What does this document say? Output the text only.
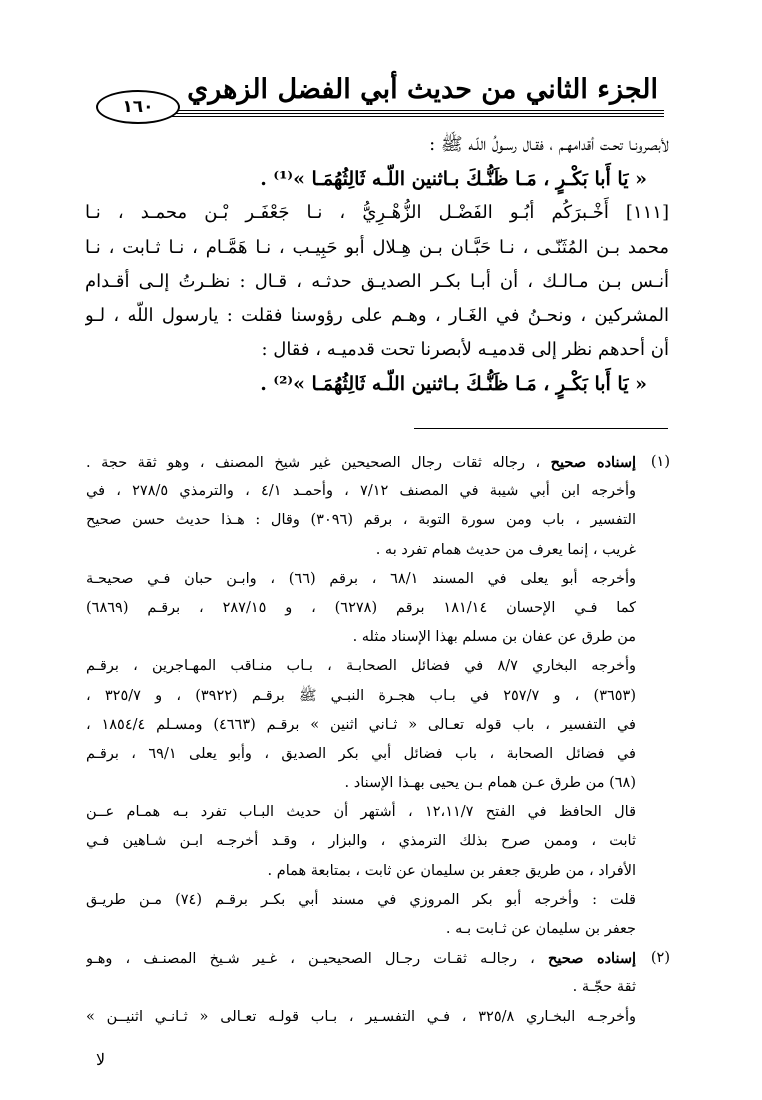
الجزء الثاني من حديث أبي الفضل الزهري
١٦٠
لأبصرونـا تحـت أقدامهـم ، فقـال رسـولُ اللّـه ﷺ :
« يَا أَبا بَكْـرٍ ، مَـا ظَنُّـكَ بـاثنين اللّـه ثَالِثُهُمَـا »⁽¹⁾ .
[١١١] أَخْـبرَكُم أبُـو الفَضْـل الزُّهْـرِيُّ ، نـا جَعْفَـر بْـن محمـد ، نـا
محمد بـن المُثَنّـى ، نـا حَبَّـان بـن هِـلال أبو حَبِيـب ، نـا هَمَّـام ، نـا ثـابت ، نـا
أنـس بـن مـالـك ، أن أبـا بكـر الصديـق حدثـه ، قـال : نظـرتُ إلـى أقـدام
المشركين ، ونحـنُ في الغَـار ، وهـم على رؤوسنا فقلت : يارسول اللّه ، لـو
أن أحدهم نظر إلى قدميـه لأبصرنا تحت قدميـه ، فقال :
« يَا أَبا بَكْـرٍ ، مَـا ظَنُّـكَ بـاثنين اللّـه ثَالِثُهُمَـا »⁽²⁾ .
(١)
إسناده صحيح ، رجاله ثقات رجال الصحيحين غير شيخ المصنف ، وهو ثقة حجة .
وأخرجه ابن أبي شيبة في المصنف ٧/١٢ ، وأحمـد ٤/١ ، والترمذي ٢٧٨/٥ ، في
التفسير ، باب ومن سورة التوبة ، برقم (٣٠٩٦) وقال : هـذا حديث حسن صحيح
غريب ، إنما يعرف من حديث همام تفرد به .
وأخرجه أبو يعلى في المسند ٦٨/١ ، برقم (٦٦) ، وابـن حبان فـي صحيحـة
كما فـي الإحسان ١٨١/١٤ برقم (٦٢٧٨) ، و ٢٨٧/١٥ ، برقـم (٦٨٦٩)
من طرق عن عفان بن مسلم بهذا الإسناد مثله .
وأخرجه البخاري ٨/٧ في فضائل الصحابـة ، بـاب منـاقب المهـاجرين ، برقـم
(٣٦٥٣) ، و ٢٥٧/٧ في بـاب هجـرة النبـي ﷺ برقـم (٣٩٢٢) ، و ٣٢٥/٧ ،
في التفسير ، باب قوله تعـالى « ثـاني اثنين » برقـم (٤٦٦٣) ومسـلم ١٨٥٤/٤ ،
في فضائل الصحابة ، باب فضائل أبي بكر الصديق ، وأبو يعلى ٦٩/١ ، برقـم
(٦٨) من طرق عـن همام بـن يحيى بهـذا الإسناد .
قال الحافظ في الفتح ١٢،١١/٧ ، أشتهر أن حديث البـاب تفرد بـه همـام عــن
ثابت ، وممن صرح بذلك الترمذي ، والبزار ، وقـد أخرجـه ابـن شـاهين فـي
الأفراد ، من طريق جعفر بن سليمان عن ثابت ، بمتابعة همام .
قلت : وأخرجه أبو بكر المروزي في مسند أبي بكـر برقـم (٧٤) مـن طريـق
جعفر بن سليمان عن ثـابت بـه .
(٢)
إسناده صحيح ، رجالـه ثقـات رجـال الصحيحيـن ، غـير شـيخ المصنـف ، وهـو
ثقة حجّـة .
وأخرجـه البخـاري ٣٢٥/٨ ، فـي التفسـير ، بـاب قولـه تعـالى « ثـانـي اثنيــن »
لا
